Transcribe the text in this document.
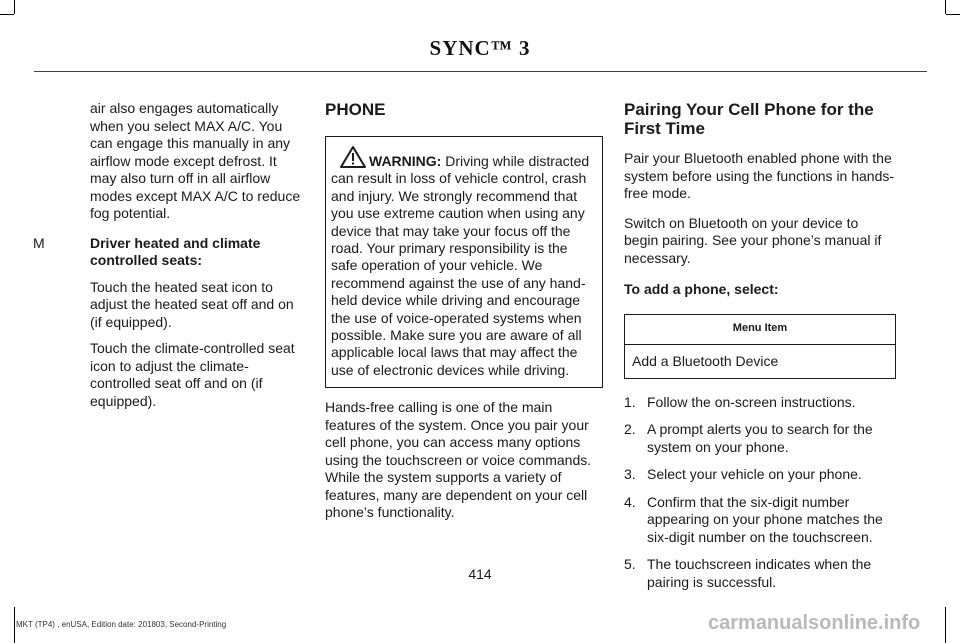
SYNC™ 3

air also engages automatically when you select MAX A/C. You can engage this manually in any airflow mode except defrost. It may also turn off in all airflow modes except MAX A/C to reduce fog potential.

M	Driver heated and climate controlled seats:

Touch the heated seat icon to adjust the heated seat off and on (if equipped).

Touch the climate-controlled seat icon to adjust the climate-controlled seat off and on (if equipped).

PHONE
WARNING: Driving while distracted can result in loss of vehicle control, crash and injury. We strongly recommend that you use extreme caution when using any device that may take your focus off the road. Your primary responsibility is the safe operation of your vehicle. We recommend against the use of any hand-held device while driving and encourage the use of voice-operated systems when possible. Make sure you are aware of all applicable local laws that may affect the use of electronic devices while driving.

Hands-free calling is one of the main features of the system. Once you pair your cell phone, you can access many options using the touchscreen or voice commands. While the system supports a variety of features, many are dependent on your cell phone’s functionality.

Pairing Your Cell Phone for the First Time

Pair your Bluetooth enabled phone with the system before using the functions in hands-free mode.

Switch on Bluetooth on your device to begin pairing. See your phone’s manual if necessary.

To add a phone, select:

Menu Item
Add a Bluetooth Device
1. Follow the on-screen instructions.
2. A prompt alerts you to search for the system on your phone.
3. Select your vehicle on your phone.
4. Confirm that the six-digit number appearing on your phone matches the six-digit number on the touchscreen.
5. The touchscreen indicates when the pairing is successful.
414
MKT (TP4) , enUSA, Edition date: 201803, Second-Printing	carmanualsonline.info
